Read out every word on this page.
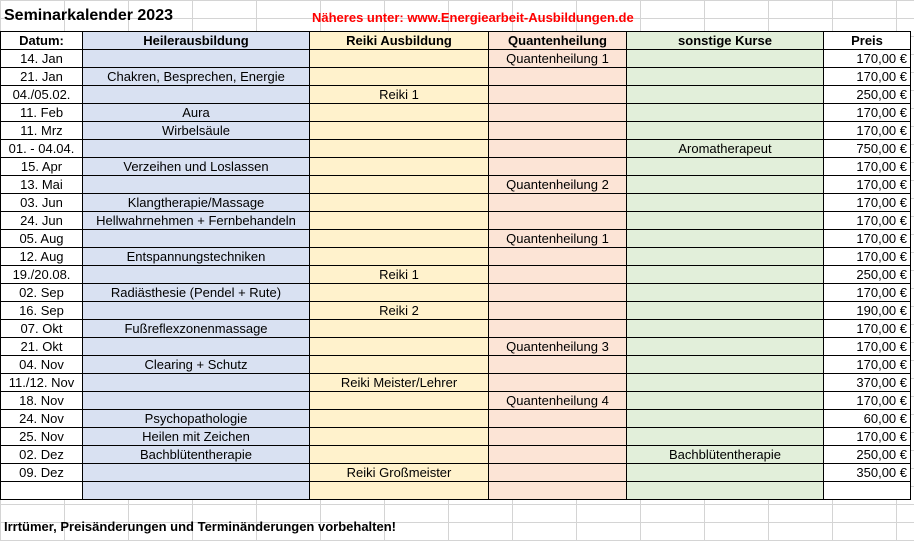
Seminarkalender 2023	Näheres unter: www.Energiearbeit-Ausbildungen.de
Datum:	Heilerausbildung	Reiki Ausbildung	Quantenheilung	sonstige Kurse	Preis
14. Jan			Quantenheilung 1		170,00 €
21. Jan	Chakren, Besprechen, Energie				170,00 €
04./05.02.		Reiki 1			250,00 €
11. Feb	Aura				170,00 €
11. Mrz	Wirbelsäule				170,00 €
01. - 04.04.				Aromatherapeut	750,00 €
15. Apr	Verzeihen und Loslassen				170,00 €
13. Mai			Quantenheilung 2		170,00 €
03. Jun	Klangtherapie/Massage				170,00 €
24. Jun	Hellwahrnehmen + Fernbehandeln				170,00 €
05. Aug			Quantenheilung 1		170,00 €
12. Aug	Entspannungstechniken				170,00 €
19./20.08.		Reiki 1			250,00 €
02. Sep	Radiästhesie (Pendel + Rute)				170,00 €
16. Sep		Reiki 2			190,00 €
07. Okt	Fußreflexzonenmassage				170,00 €
21. Okt			Quantenheilung 3		170,00 €
04. Nov	Clearing + Schutz				170,00 €
11./12. Nov		Reiki Meister/Lehrer			370,00 €
18. Nov			Quantenheilung 4		170,00 €
24. Nov	Psychopathologie				60,00 €
25. Nov	Heilen mit Zeichen				170,00 €
02. Dez	Bachblütentherapie			Bachblütentherapie	250,00 €
09. Dez		Reiki Großmeister			350,00 €

Irrtümer, Preisänderungen und Terminänderungen vorbehalten!
